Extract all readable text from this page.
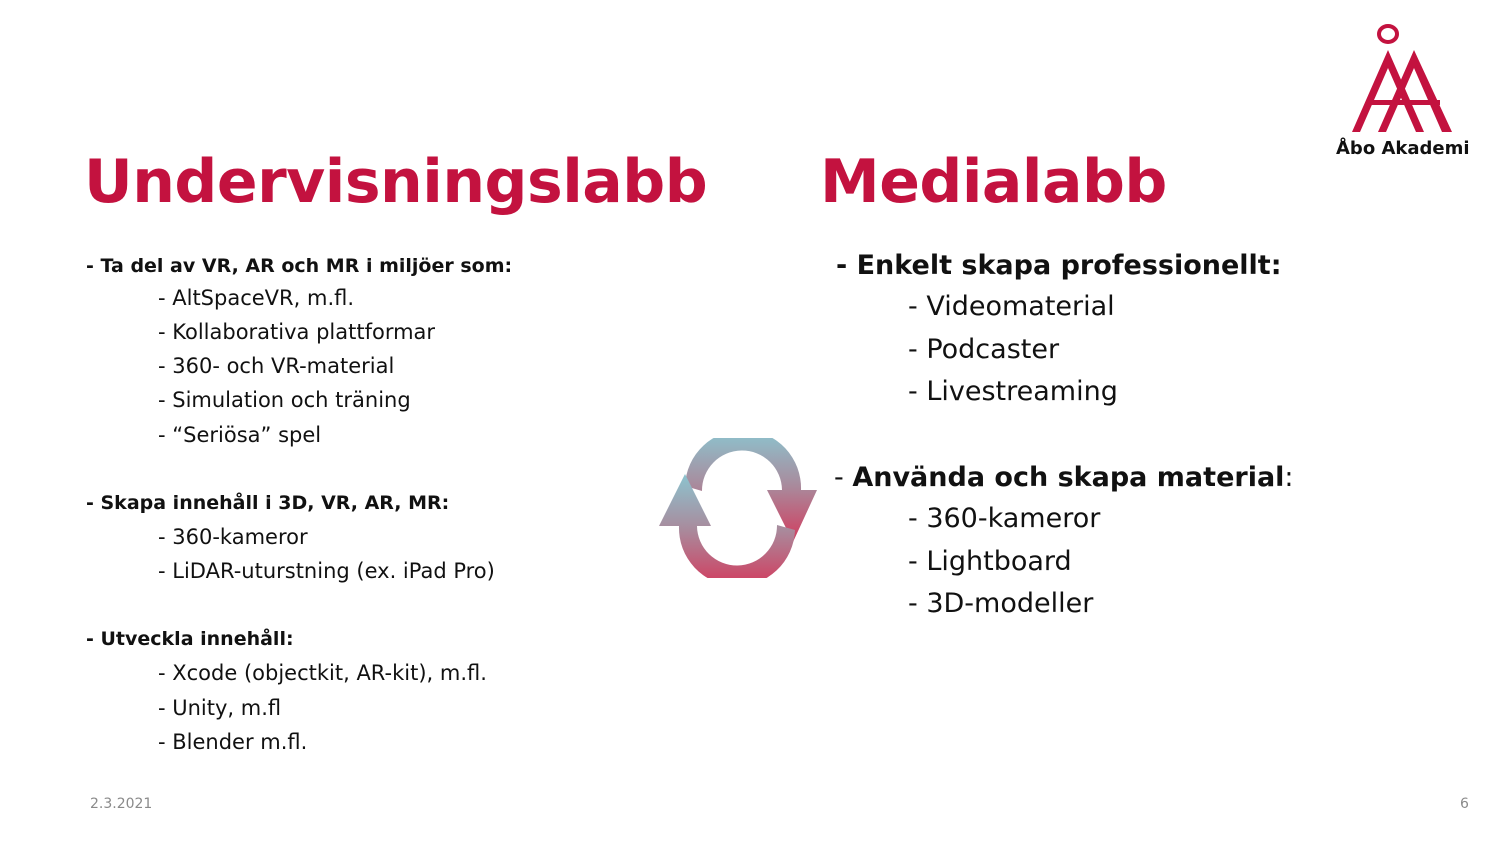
Undervisningslabb Medialabb	Åbo Akademi
- Ta del av VR, AR och MR i miljöer som:
- AltSpaceVR, m.fl.
- Kollaborativa plattformar
- 360- och VR-material
- Simulation och träning
- “Seriösa” spel
- Skapa innehåll i 3D, VR, AR, MR:
- 360-kameror
- LiDAR-uturstning (ex. iPad Pro)
- Utveckla innehåll:
- Xcode (objectkit, AR-kit), m.fl.
- Unity, m.fl
- Blender m.fl.
- Enkelt skapa professionellt:
- Videomaterial
- Podcaster
- Livestreaming
- Använda och skapa material:
- 360-kameror
- Lightboard
- 3D-modeller
2.3.2021	6
